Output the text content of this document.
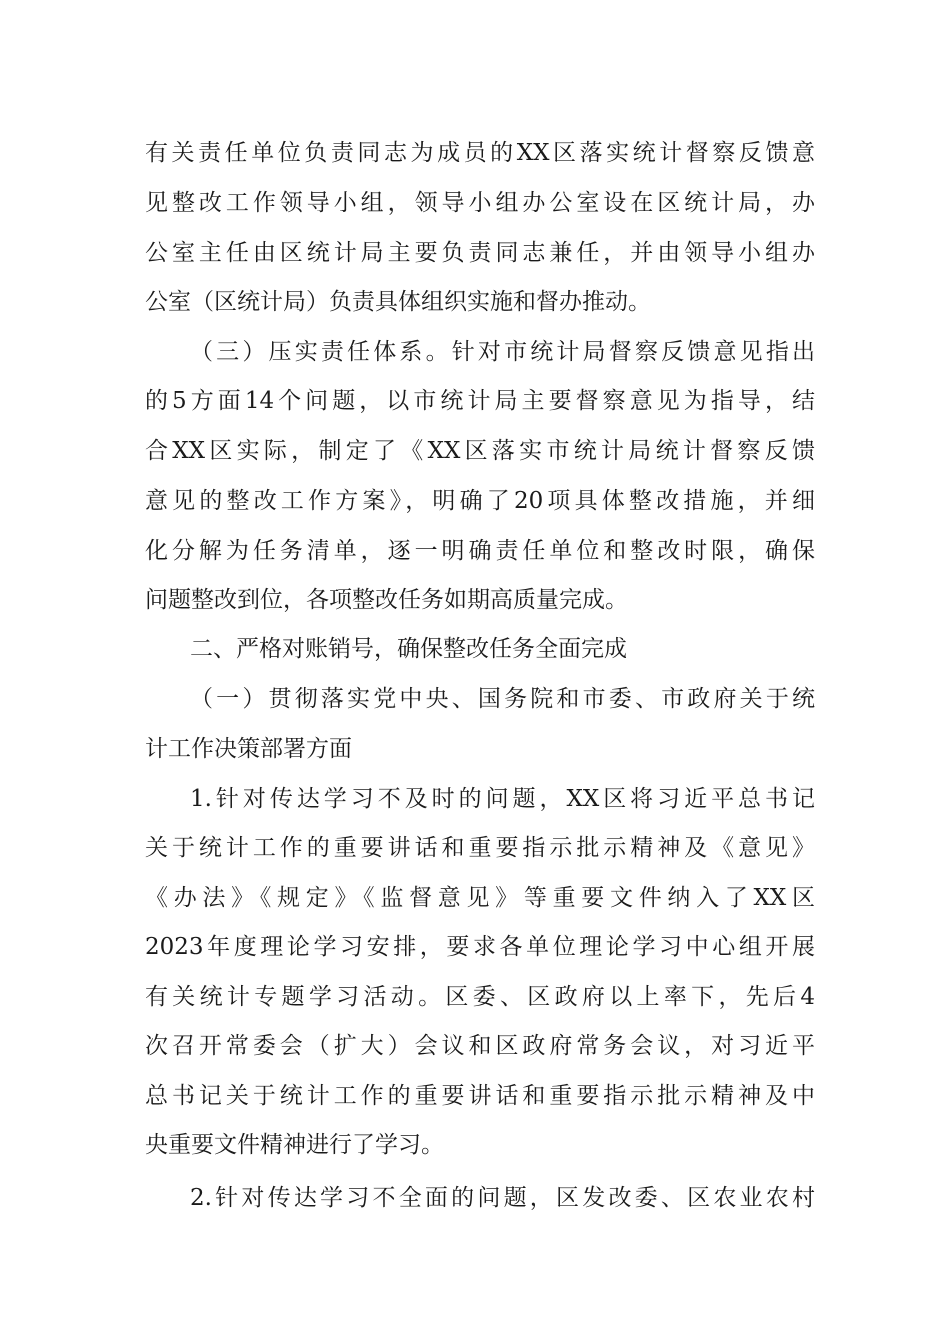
有关责任单位负责同志为成员的XX区落实统计督察反馈意
见整改工作领导小组，领导小组办公室设在区统计局，办
公室主任由区统计局主要负责同志兼任，并由领导小组办
公室（区统计局）负责具体组织实施和督办推动。
（三）压实责任体系。针对市统计局督察反馈意见指出
的5方面14个问题，以市统计局主要督察意见为指导，结
合XX区实际，制定了《XX区落实市统计局统计督察反馈
意见的整改工作方案》，明确了20项具体整改措施，并细
化分解为任务清单，逐一明确责任单位和整改时限，确保
问题整改到位，各项整改任务如期高质量完成。
二、严格对账销号，确保整改任务全面完成
（一）贯彻落实党中央、国务院和市委、市政府关于统
计工作决策部署方面
1.针对传达学习不及时的问题，XX区将习近平总书记
关于统计工作的重要讲话和重要指示批示精神及《意见》
《办法》《规定》《监督意见》等重要文件纳入了XX区
2023年度理论学习安排，要求各单位理论学习中心组开展
有关统计专题学习活动。区委、区政府以上率下，先后4
次召开常委会（扩大）会议和区政府常务会议，对习近平
总书记关于统计工作的重要讲话和重要指示批示精神及中
央重要文件精神进行了学习。
2.针对传达学习不全面的问题，区发改委、区农业农村
